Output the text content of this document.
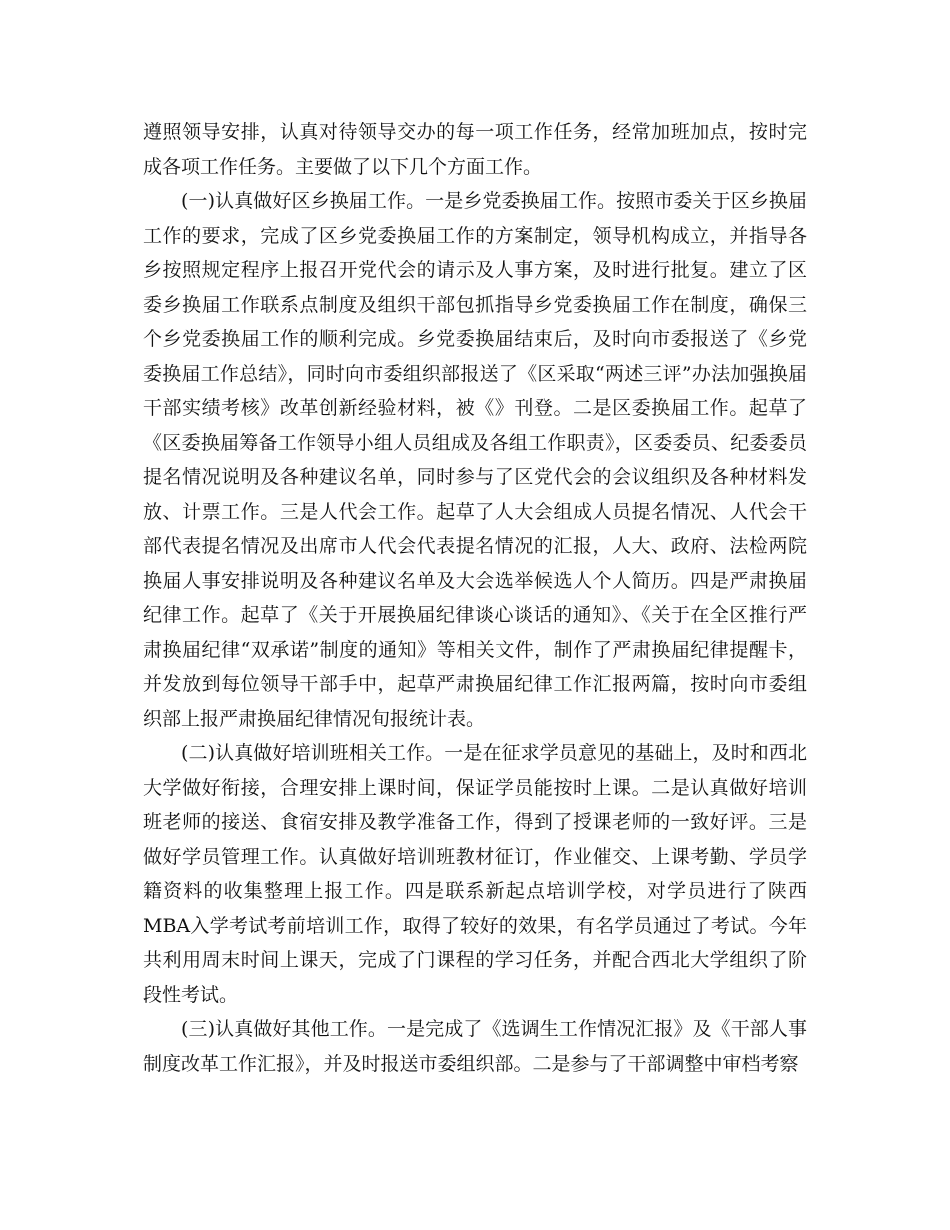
遵照领导安排，认真对待领导交办的每一项工作任务，经常加班加点，按时完成各项工作任务。主要做了以下几个方面工作。

(一)认真做好区乡换届工作。一是乡党委换届工作。按照市委关于区乡换届工作的要求，完成了区乡党委换届工作的方案制定，领导机构成立，并指导各乡按照规定程序上报召开党代会的请示及人事方案，及时进行批复。建立了区委乡换届工作联系点制度及组织干部包抓指导乡党委换届工作在制度，确保三个乡党委换届工作的顺利完成。乡党委换届结束后，及时向市委报送了《乡党委换届工作总结》，同时向市委组织部报送了《区采取“两述三评”办法加强换届干部实绩考核》改革创新经验材料，被《》刊登。二是区委换届工作。起草了《区委换届筹备工作领导小组人员组成及各组工作职责》，区委委员、纪委委员提名情况说明及各种建议名单，同时参与了区党代会的会议组织及各种材料发放、计票工作。三是人代会工作。起草了人大会组成人员提名情况、人代会干部代表提名情况及出席市人代会代表提名情况的汇报，人大、政府、法检两院换届人事安排说明及各种建议名单及大会选举候选人个人简历。四是严肃换届纪律工作。起草了《关于开展换届纪律谈心谈话的通知》、《关于在全区推行严肃换届纪律“双承诺”制度的通知》等相关文件，制作了严肃换届纪律提醒卡，并发放到每位领导干部手中，起草严肃换届纪律工作汇报两篇，按时向市委组织部上报严肃换届纪律情况旬报统计表。

(二)认真做好培训班相关工作。一是在征求学员意见的基础上，及时和西北大学做好衔接，合理安排上课时间，保证学员能按时上课。二是认真做好培训班老师的接送、食宿安排及教学准备工作，得到了授课老师的一致好评。三是做好学员管理工作。认真做好培训班教材征订，作业催交、上课考勤、学员学籍资料的收集整理上报工作。四是联系新起点培训学校，对学员进行了陕西MBA入学考试考前培训工作，取得了较好的效果，有名学员通过了考试。今年共利用周末时间上课天，完成了门课程的学习任务，并配合西北大学组织了阶段性考试。

(三)认真做好其他工作。一是完成了《选调生工作情况汇报》及《干部人事制度改革工作汇报》，并及时报送市委组织部。二是参与了干部调整中审档考察
